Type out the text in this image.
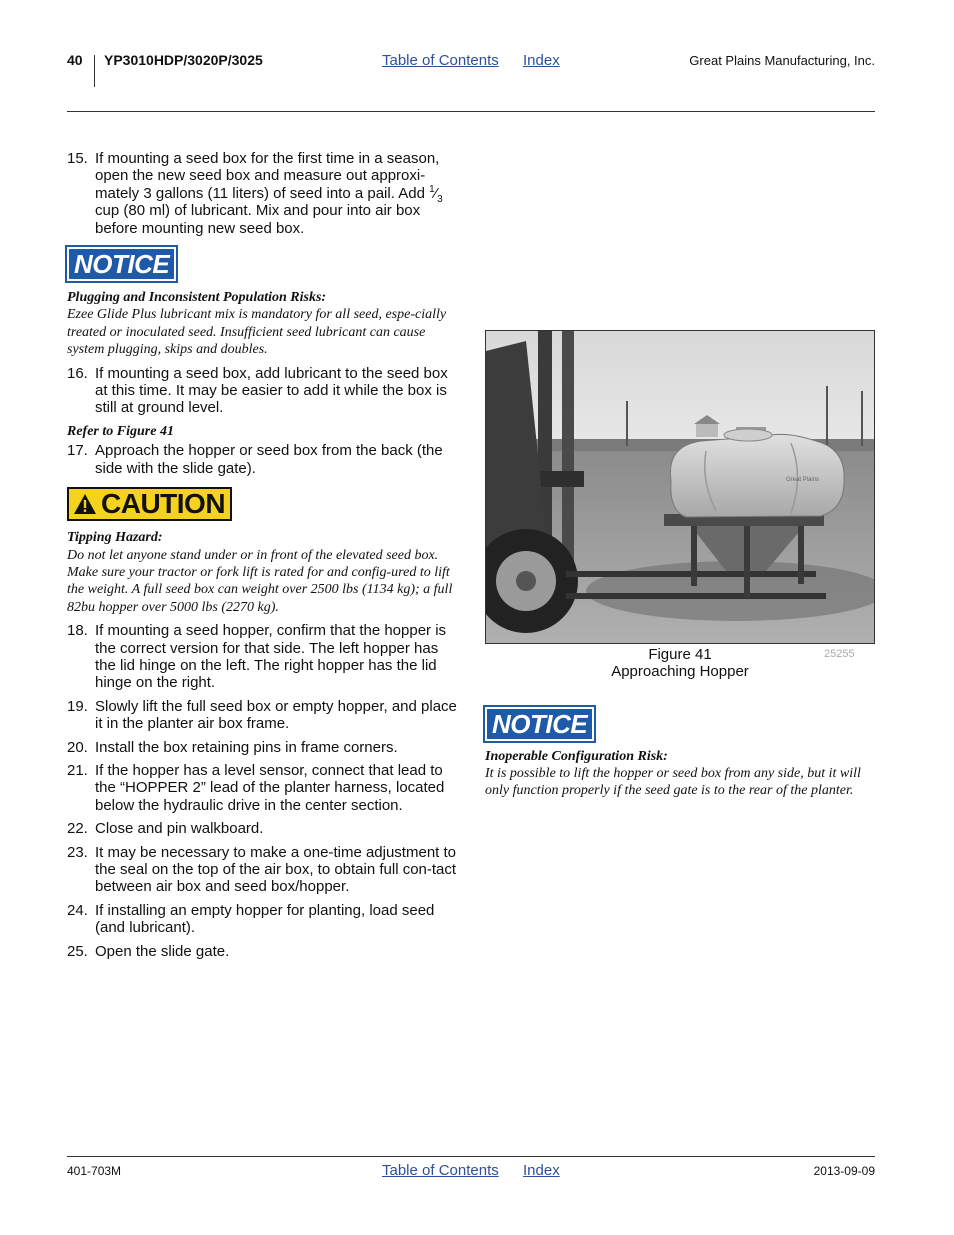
40 YP3010HDP/3020P/3025	Table of Contents Index	Great Plains Manufacturing, Inc.
15. If mounting a seed box for the first time in a season, open the new seed box and measure out approxi-mately 3 gallons (11 liters) of seed into a pail. Add $^1⁄_3$ cup (80 ml) of lubricant. Mix and pour into air box before mounting new seed box.
NOTICE
Plugging and Inconsistent Population Risks:
Ezee Glide Plus lubricant mix is mandatory for all seed, espe-cially treated or inoculated seed. Insufficient seed lubricant can cause system plugging, skips and doubles.
16. If mounting a seed box, add lubricant to the seed box at this time. It may be easier to add it while the box is still at ground level.
Refer to Figure 41
17. Approach the hopper or seed box from the back (the side with the slide gate).
CAUTION
Tipping Hazard:
Do not let anyone stand under or in front of the elevated seed box. Make sure your tractor or fork lift is rated for and config-ured to lift the weight. A full seed box can weight over 2500 lbs (1134 kg); a full 82bu hopper over 5000 lbs (2270 kg).
18. If mounting a seed hopper, confirm that the hopper is the correct version for that side. The left hopper has the lid hinge on the left. The right hopper has the lid hinge on the right.
19. Slowly lift the full seed box or empty hopper, and place it in the planter air box frame.
20. Install the box retaining pins in frame corners.
21. If the hopper has a level sensor, connect that lead to the “HOPPER 2” lead of the planter harness, located below the hydraulic drive in the center section.
22. Close and pin walkboard.
23. It may be necessary to make a one-time adjustment to the seal on the top of the air box, to obtain full con-tact between air box and seed box/hopper.
24. If installing an empty hopper for planting, load seed (and lubricant).
25. Open the slide gate.
Great Plains
Figure 41
Approaching Hopper
25255
NOTICE
Inoperable Configuration Risk:
It is possible to lift the hopper or seed box from any side, but it will only function properly if the seed gate is to the rear of the planter.
401-703M	Table of Contents Index	2013-09-09
